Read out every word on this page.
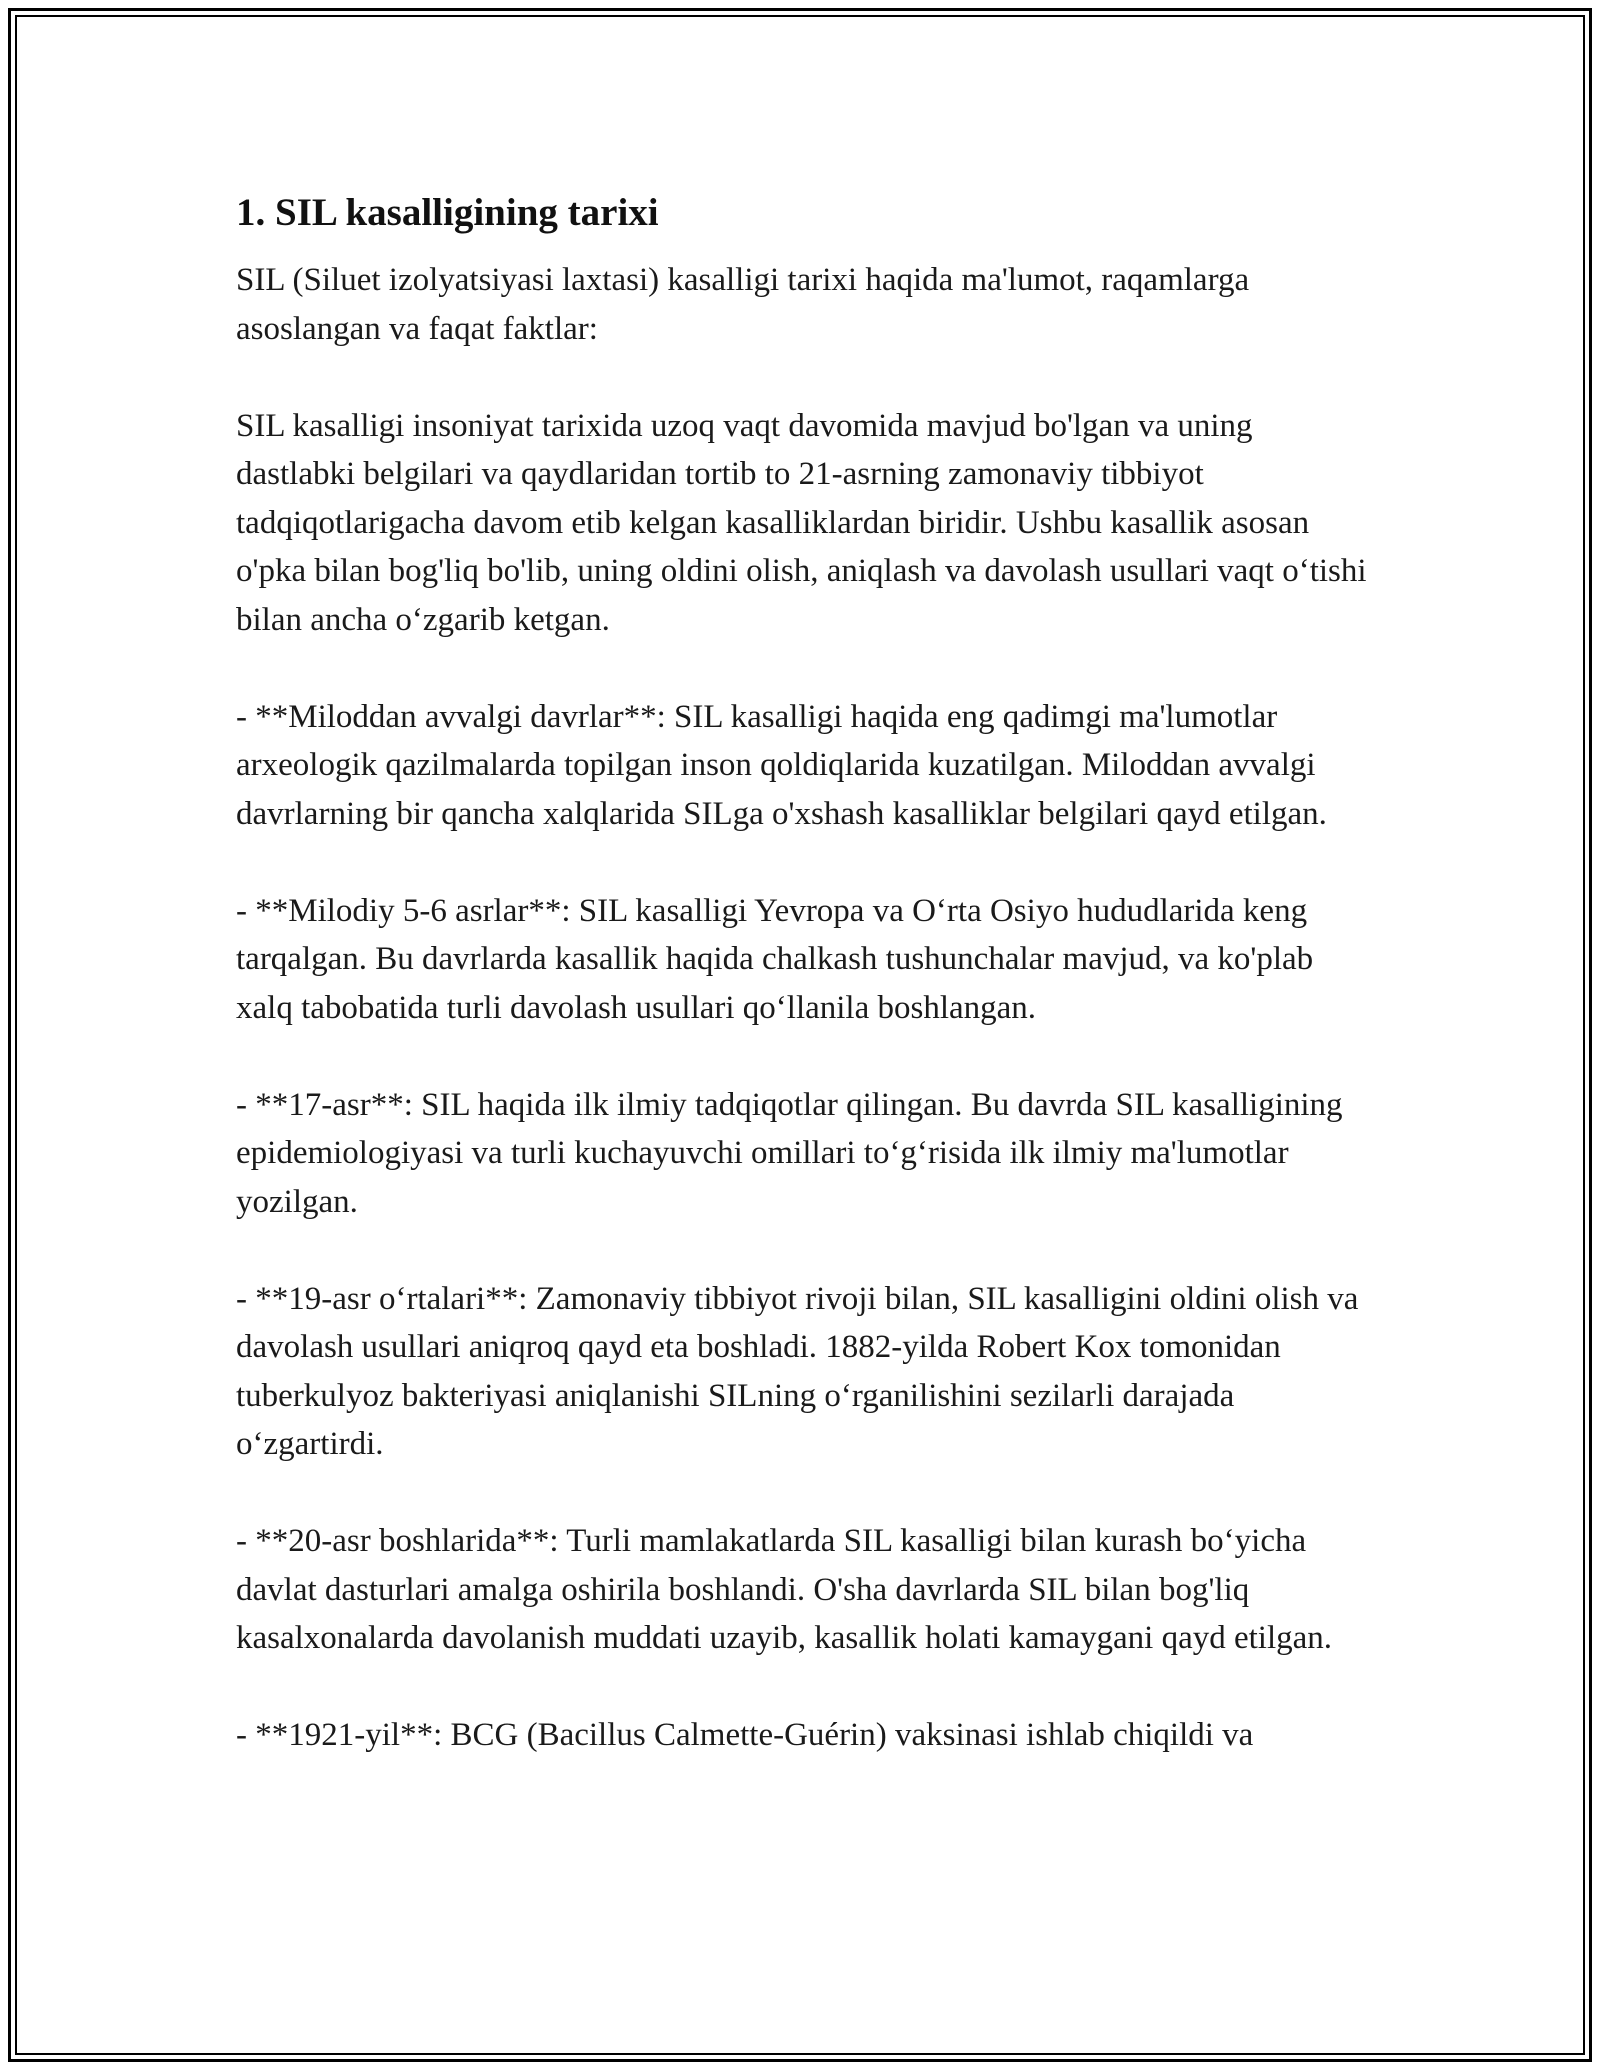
1. SIL kasalligining tarixi

SIL (Siluet izolyatsiyasi laxtasi) kasalligi tarixi haqida ma'lumot, raqamlarga asoslangan va faqat faktlar:

SIL kasalligi insoniyat tarixida uzoq vaqt davomida mavjud bo'lgan va uning dastlabki belgilari va qaydlaridan tortib to 21-asrning zamonaviy tibbiyot tadqiqotlarigacha davom etib kelgan kasalliklardan biridir. Ushbu kasallik asosan o'pka bilan bog'liq bo'lib, uning oldini olish, aniqlash va davolash usullari vaqt o‘tishi bilan ancha o‘zgarib ketgan.

- **Miloddan avvalgi davrlar**: SIL kasalligi haqida eng qadimgi ma'lumotlar arxeologik qazilmalarda topilgan inson qoldiqlarida kuzatilgan. Miloddan avvalgi davrlarning bir qancha xalqlarida SILga o'xshash kasalliklar belgilari qayd etilgan.

- **Milodiy 5-6 asrlar**: SIL kasalligi Yevropa va O‘rta Osiyo hududlarida keng tarqalgan. Bu davrlarda kasallik haqida chalkash tushunchalar mavjud, va ko'plab xalq tabobatida turli davolash usullari qo‘llanila boshlangan.

- **17-asr**: SIL haqida ilk ilmiy tadqiqotlar qilingan. Bu davrda SIL kasalligining epidemiologiyasi va turli kuchayuvchi omillari to‘g‘risida ilk ilmiy ma'lumotlar yozilgan.

- **19-asr o‘rtalari**: Zamonaviy tibbiyot rivoji bilan, SIL kasalligini oldini olish va davolash usullari aniqroq qayd eta boshladi. 1882-yilda Robert Kox tomonidan tuberkulyoz bakteriyasi aniqlanishi SILning o‘rganilishini sezilarli darajada o‘zgartirdi.

- **20-asr boshlarida**: Turli mamlakatlarda SIL kasalligi bilan kurash bo‘yicha davlat dasturlari amalga oshirila boshlandi. O'sha davrlarda SIL bilan bog'liq kasalxonalarda davolanish muddati uzayib, kasallik holati kamaygani qayd etilgan.

- **1921-yil**: BCG (Bacillus Calmette-Guérin) vaksinasi ishlab chiqildi va
